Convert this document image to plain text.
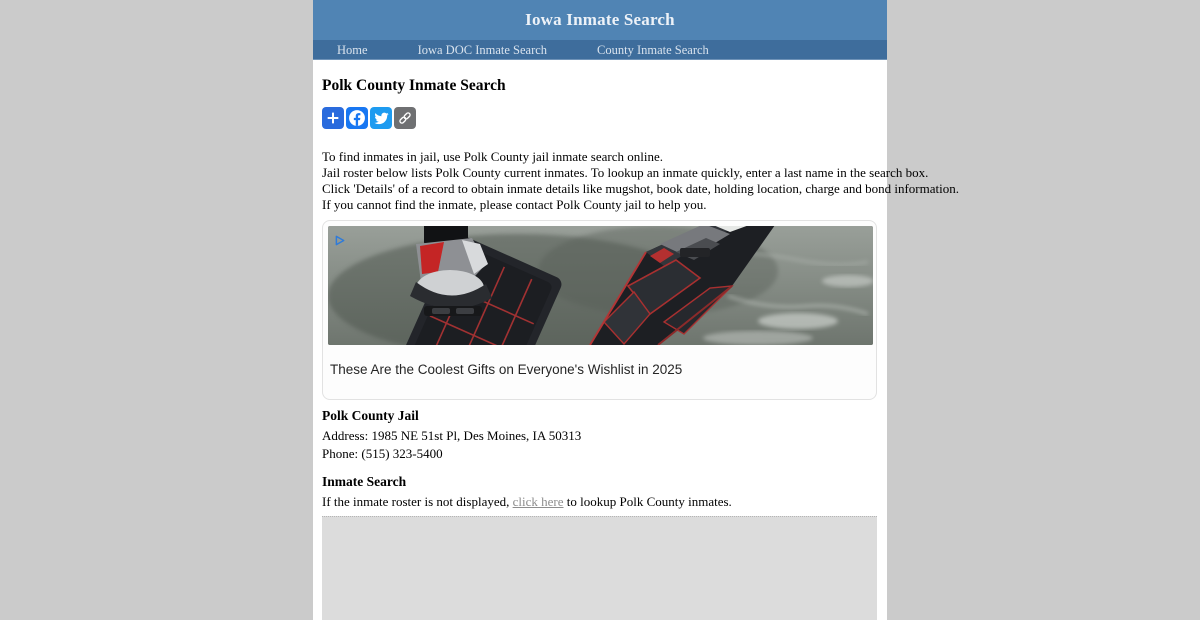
Iowa Inmate Search
Home	Iowa DOC Inmate Search	County Inmate Search
Polk County Inmate Search
To find inmates in jail, use Polk County jail inmate search online.
Jail roster below lists Polk County current inmates. To lookup an inmate quickly, enter a last name in the search box.
Click 'Details' of a record to obtain inmate details like mugshot, book date, holding location, charge and bond information.
If you cannot find the inmate, please contact Polk County jail to help you.
These Are the Coolest Gifts on Everyone's Wishlist in 2025
Polk County Jail
Address: 1985 NE 51st Pl, Des Moines, IA 50313
Phone: (515) 323-5400
Inmate Search
If the inmate roster is not displayed, click here to lookup Polk County inmates.
